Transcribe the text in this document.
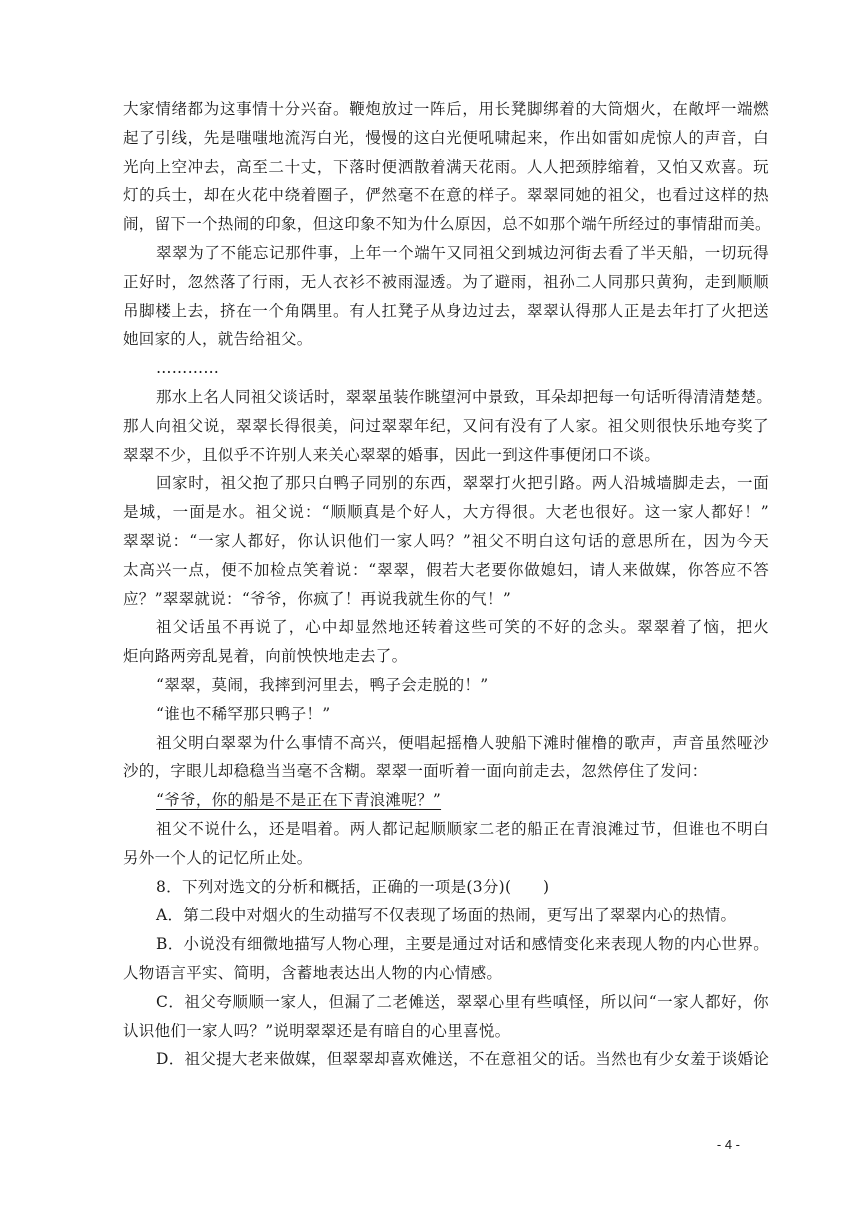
大家情绪都为这事情十分兴奋。鞭炮放过一阵后，用长凳脚绑着的大筒烟火，在敞坪一端燃
起了引线，先是嗤嗤地流泻白光，慢慢的这白光便吼啸起来，作出如雷如虎惊人的声音，白
光向上空冲去，高至二十丈，下落时便洒散着满天花雨。人人把颈脖缩着，又怕又欢喜。玩
灯的兵士，却在火花中绕着圈子，俨然毫不在意的样子。翠翠同她的祖父，也看过这样的热
闹，留下一个热闹的印象，但这印象不知为什么原因，总不如那个端午所经过的事情甜而美。
翠翠为了不能忘记那件事，上年一个端午又同祖父到城边河街去看了半天船，一切玩得
正好时，忽然落了行雨，无人衣衫不被雨湿透。为了避雨，祖孙二人同那只黄狗，走到顺顺
吊脚楼上去，挤在一个角隅里。有人扛凳子从身边过去，翠翠认得那人正是去年打了火把送
她回家的人，就告给祖父。
…………
那水上名人同祖父谈话时，翠翠虽装作眺望河中景致，耳朵却把每一句话听得清清楚楚。
那人向祖父说，翠翠长得很美，问过翠翠年纪，又问有没有了人家。祖父则很快乐地夸奖了
翠翠不少，且似乎不许别人来关心翠翠的婚事，因此一到这件事便闭口不谈。
回家时，祖父抱了那只白鸭子同别的东西，翠翠打火把引路。两人沿城墙脚走去，一面
是城，一面是水。祖父说：“顺顺真是个好人，大方得很。大老也很好。这一家人都好！”
翠翠说：“一家人都好，你认识他们一家人吗？”祖父不明白这句话的意思所在，因为今天
太高兴一点，便不加检点笑着说：“翠翠，假若大老要你做媳妇，请人来做媒，你答应不答
应？”翠翠就说：“爷爷，你疯了！再说我就生你的气！”
祖父话虽不再说了，心中却显然地还转着这些可笑的不好的念头。翠翠着了恼，把火
炬向路两旁乱晃着，向前怏怏地走去了。
“翠翠，莫闹，我摔到河里去，鸭子会走脱的！”
“谁也不稀罕那只鸭子！”
祖父明白翠翠为什么事情不高兴，便唱起摇橹人驶船下滩时催橹的歌声，声音虽然哑沙
沙的，字眼儿却稳稳当当毫不含糊。翠翠一面听着一面向前走去，忽然停住了发问：
“爷爷，你的船是不是正在下青浪滩呢？”
祖父不说什么，还是唱着。两人都记起顺顺家二老的船正在青浪滩过节，但谁也不明白
另外一个人的记忆所止处。
8．下列对选文的分析和概括，正确的一项是(3分)(　　)
A．第二段中对烟火的生动描写不仅表现了场面的热闹，更写出了翠翠内心的热情。
B．小说没有细微地描写人物心理，主要是通过对话和感情变化来表现人物的内心世界。
人物语言平实、简明，含蓄地表达出人物的内心情感。
C．祖父夸顺顺一家人，但漏了二老傩送，翠翠心里有些嗔怪，所以问“一家人都好，你
认识他们一家人吗？”说明翠翠还是有暗自的心里喜悦。
D．祖父提大老来做媒，但翠翠却喜欢傩送，不在意祖父的话。当然也有少女羞于谈婚论
- 4 -
